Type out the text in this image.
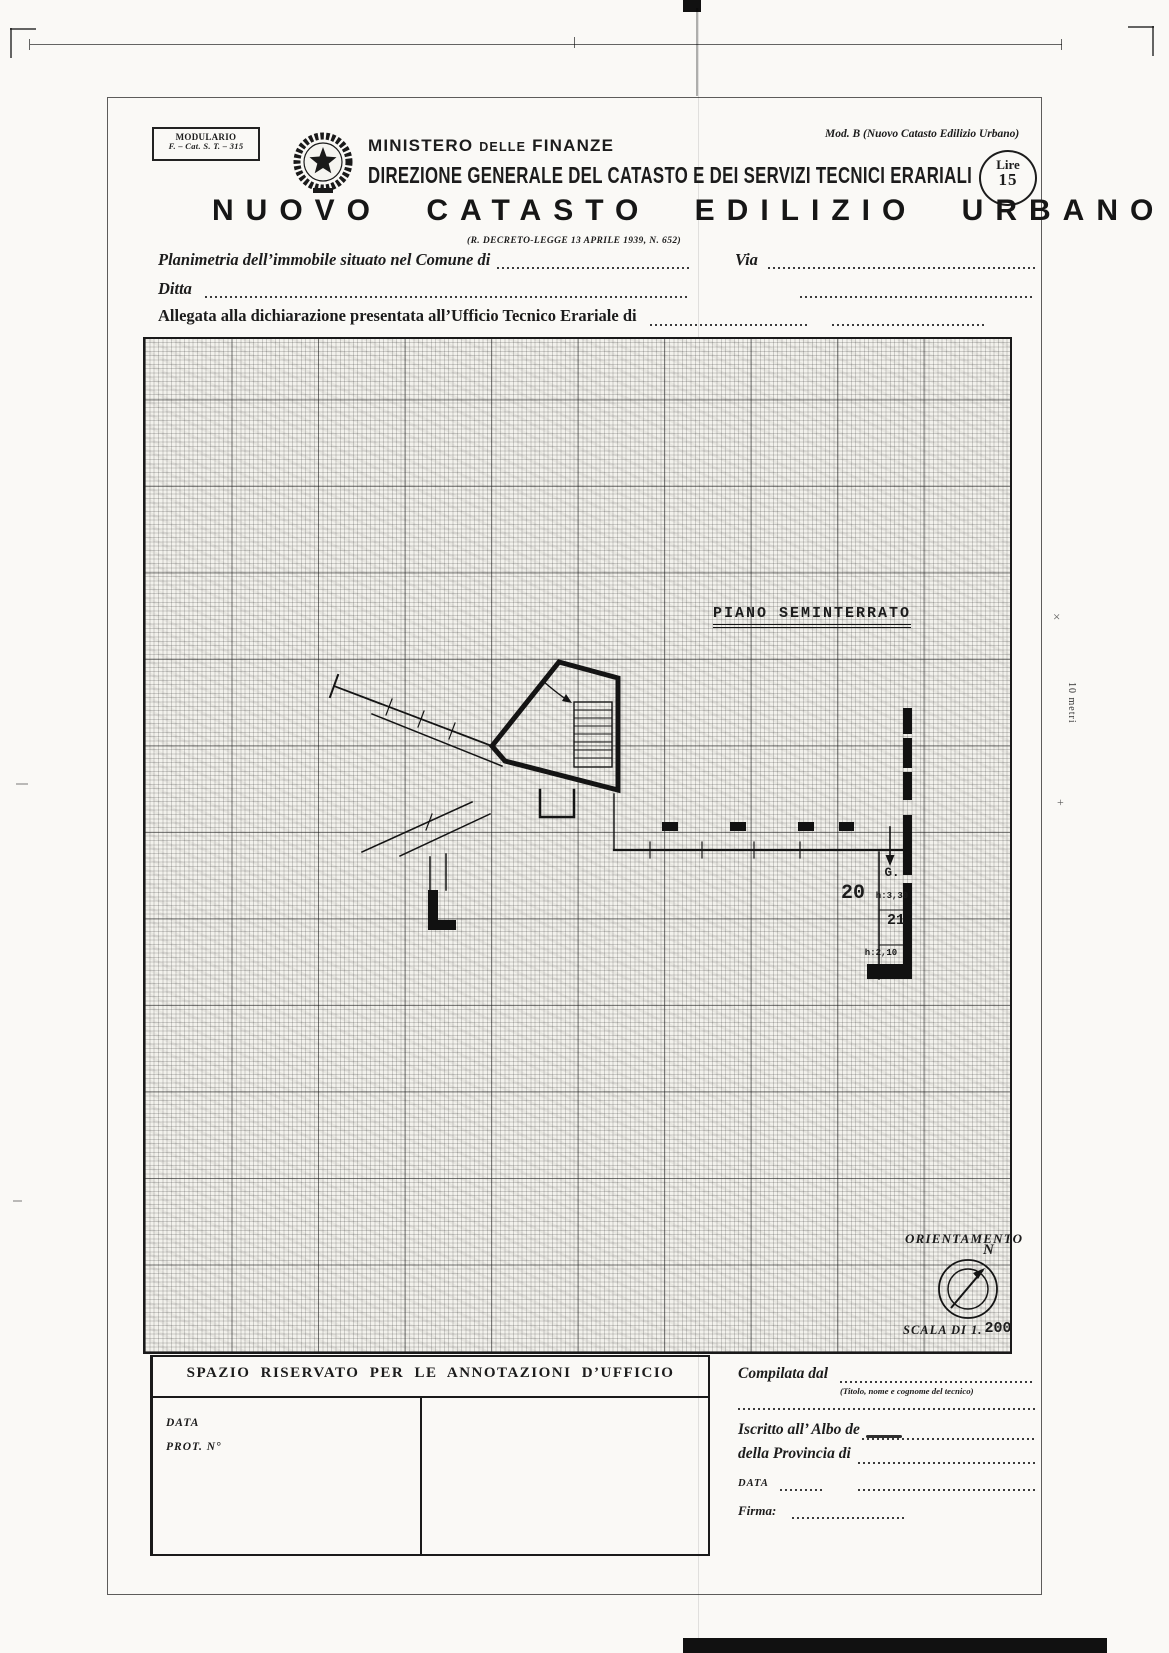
MODULARIO
F. – Cat. S. T. – 315	MINISTERO DELLE FINANZE
DIREZIONE GENERALE DEL CATASTO E DEI SERVIZI TECNICI ERARIALI
Mod. B (Nuovo Catasto Edilizio Urbano)
Lire
15
NUOVO CATASTO EDILIZIO URBANO
(R. DECRETO-LEGGE 13 APRILE 1939, N. 652)
Planimetria dell’immobile situato nel Comune di	Via
Ditta
Allegata alla dichiarazione presentata all’Ufficio Tecnico Erariale di
PIANO SEMINTERRATO
20
G.
h:3,30
21
h:2,10
ORIENTAMENTO
N
SCALA DI 1. 200
×
10 metri
+
SPAZIO RISERVATO PER LE ANNOTAZIONI D’UFFICIO
DATA
PROT. N°
Compilata dal
(Titolo, nome e cognome del tecnico)
Iscritto all’ Albo de
della Provincia di
DATA
Firma:
